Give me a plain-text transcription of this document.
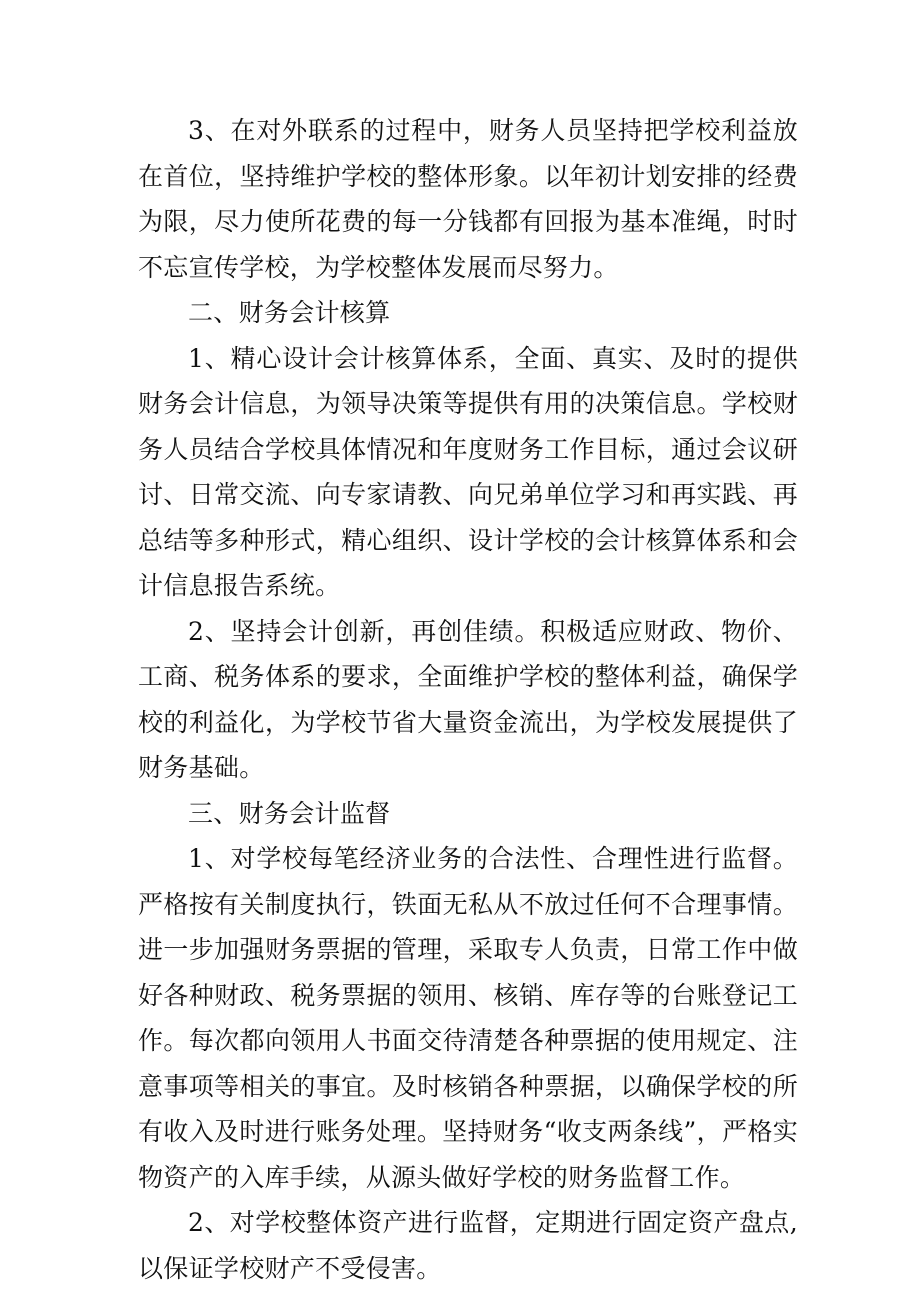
3、在对外联系的过程中，财务人员坚持把学校利益放在首位，坚持维护学校的整体形象。以年初计划安排的经费为限，尽力使所花费的每一分钱都有回报为基本准绳，时时不忘宣传学校，为学校整体发展而尽努力。

二、财务会计核算

1、精心设计会计核算体系，全面、真实、及时的提供财务会计信息，为领导决策等提供有用的决策信息。学校财务人员结合学校具体情况和年度财务工作目标，通过会议研讨、日常交流、向专家请教、向兄弟单位学习和再实践、再总结等多种形式，精心组织、设计学校的会计核算体系和会计信息报告系统。

2、坚持会计创新，再创佳绩。积极适应财政、物价、工商、税务体系的要求，全面维护学校的整体利益，确保学校的利益化，为学校节省大量资金流出，为学校发展提供了财务基础。

三、财务会计监督

1、对学校每笔经济业务的合法性、合理性进行监督。严格按有关制度执行，铁面无私从不放过任何不合理事情。进一步加强财务票据的管理，采取专人负责，日常工作中做好各种财政、税务票据的领用、核销、库存等的台账登记工作。每次都向领用人书面交待清楚各种票据的使用规定、注意事项等相关的事宜。及时核销各种票据，以确保学校的所有收入及时进行账务处理。坚持财务“收支两条线”，严格实物资产的入库手续，从源头做好学校的财务监督工作。

2、对学校整体资产进行监督，定期进行固定资产盘点,以保证学校财产不受侵害。
